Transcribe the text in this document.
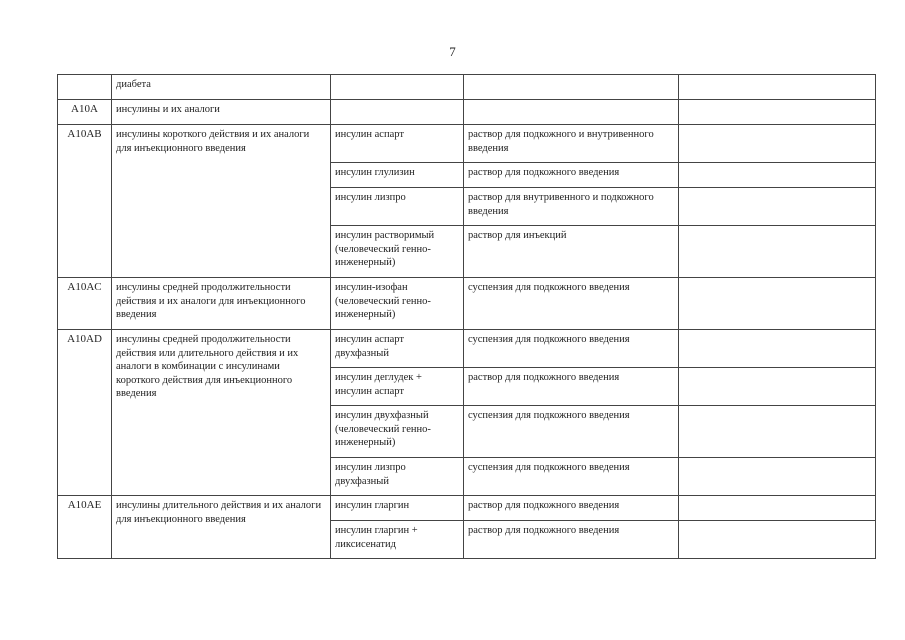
7
	диабета			
A10A	инсулины и их аналоги			
A10AB	инсулины короткого действия и их аналоги для инъекционного введения	инсулин аспарт	раствор для подкожного и внутривенного введения	
		инсулин глулизин	раствор для подкожного введения	
		инсулин лизпро	раствор для внутривенного и подкожного введения	
		инсулин растворимый (человеческий генно-инженерный)	раствор для инъекций	
A10AC	инсулины средней продолжительности действия и их аналоги для инъекционного введения	инсулин-изофан (человеческий генно-инженерный)	суспензия для подкожного введения	
A10AD	инсулины средней продолжительности действия или длительного действия и их аналоги в комбинации с инсулинами короткого действия для инъекционного введения	инсулин аспарт двухфазный	суспензия для подкожного введения	
		инсулин деглудек + инсулин аспарт	раствор для подкожного введения	
		инсулин двухфазный (человеческий генно-инженерный)	суспензия для подкожного введения	
		инсулин лизпро двухфазный	суспензия для подкожного введения	
A10AE	инсулины длительного действия и их аналоги для инъекционного введения	инсулин гларгин	раствор для подкожного введения	
		инсулин гларгин + ликсисенатид	раствор для подкожного введения	
